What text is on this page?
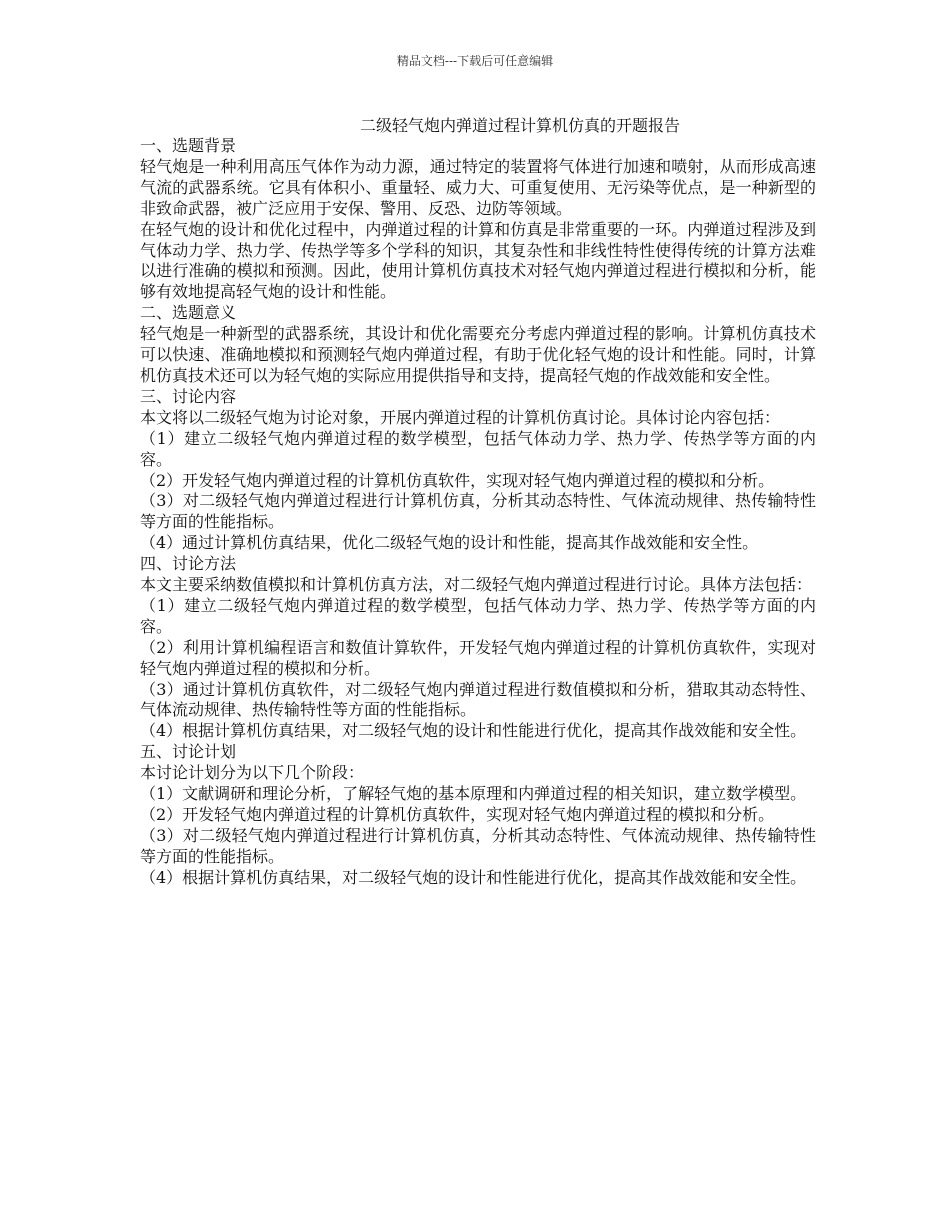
精品文档---下载后可任意编辑
二级轻气炮内弹道过程计算机仿真的开题报告

一、选题背景

轻气炮是一种利用高压气体作为动力源，通过特定的装置将气体进行加速和喷射，从而形成高速气流的武器系统。它具有体积小、重量轻、威力大、可重复使用、无污染等优点，是一种新型的非致命武器，被广泛应用于安保、警用、反恐、边防等领域。

在轻气炮的设计和优化过程中，内弹道过程的计算和仿真是非常重要的一环。内弹道过程涉及到气体动力学、热力学、传热学等多个学科的知识，其复杂性和非线性特性使得传统的计算方法难以进行准确的模拟和预测。因此，使用计算机仿真技术对轻气炮内弹道过程进行模拟和分析，能够有效地提高轻气炮的设计和性能。

二、选题意义

轻气炮是一种新型的武器系统，其设计和优化需要充分考虑内弹道过程的影响。计算机仿真技术可以快速、准确地模拟和预测轻气炮内弹道过程，有助于优化轻气炮的设计和性能。同时，计算机仿真技术还可以为轻气炮的实际应用提供指导和支持，提高轻气炮的作战效能和安全性。

三、讨论内容

本文将以二级轻气炮为讨论对象，开展内弹道过程的计算机仿真讨论。具体讨论内容包括：

（1）建立二级轻气炮内弹道过程的数学模型，包括气体动力学、热力学、传热学等方面的内容。

（2）开发轻气炮内弹道过程的计算机仿真软件，实现对轻气炮内弹道过程的模拟和分析。

（3）对二级轻气炮内弹道过程进行计算机仿真，分析其动态特性、气体流动规律、热传输特性等方面的性能指标。

（4）通过计算机仿真结果，优化二级轻气炮的设计和性能，提高其作战效能和安全性。

四、讨论方法

本文主要采纳数值模拟和计算机仿真方法，对二级轻气炮内弹道过程进行讨论。具体方法包括：

（1）建立二级轻气炮内弹道过程的数学模型，包括气体动力学、热力学、传热学等方面的内容。

（2）利用计算机编程语言和数值计算软件，开发轻气炮内弹道过程的计算机仿真软件，实现对轻气炮内弹道过程的模拟和分析。

（3）通过计算机仿真软件，对二级轻气炮内弹道过程进行数值模拟和分析，猎取其动态特性、气体流动规律、热传输特性等方面的性能指标。

（4）根据计算机仿真结果，对二级轻气炮的设计和性能进行优化，提高其作战效能和安全性。

五、讨论计划

本讨论计划分为以下几个阶段：

（1）文献调研和理论分析，了解轻气炮的基本原理和内弹道过程的相关知识，建立数学模型。

（2）开发轻气炮内弹道过程的计算机仿真软件，实现对轻气炮内弹道过程的模拟和分析。

（3）对二级轻气炮内弹道过程进行计算机仿真，分析其动态特性、气体流动规律、热传输特性等方面的性能指标。

（4）根据计算机仿真结果，对二级轻气炮的设计和性能进行优化，提高其作战效能和安全性。
